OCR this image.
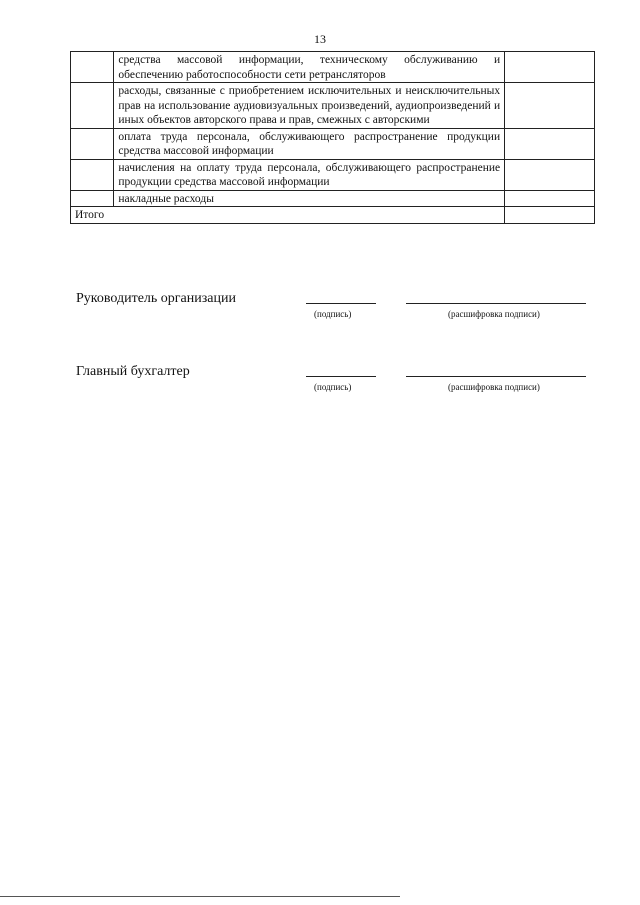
13
	средства массовой информации, техническому обслуживанию и обеспечению работоспособности сети ретрансляторов	
	расходы, связанные с приобретением исключительных и неисключительных прав на использование аудиовизуальных произведений, аудиопроизведений и иных объектов авторского права и прав, смежных с авторскими	
	оплата труда персонала, обслуживающего распространение продукции средства массовой информации	
	начисления на оплату труда персонала, обслуживающего распространение продукции средства массовой информации	
	накладные расходы	
Итого		
Руководитель организации
(подпись)	(расшифровка подписи)
Главный бухгалтер
(подпись)	(расшифровка подписи)
